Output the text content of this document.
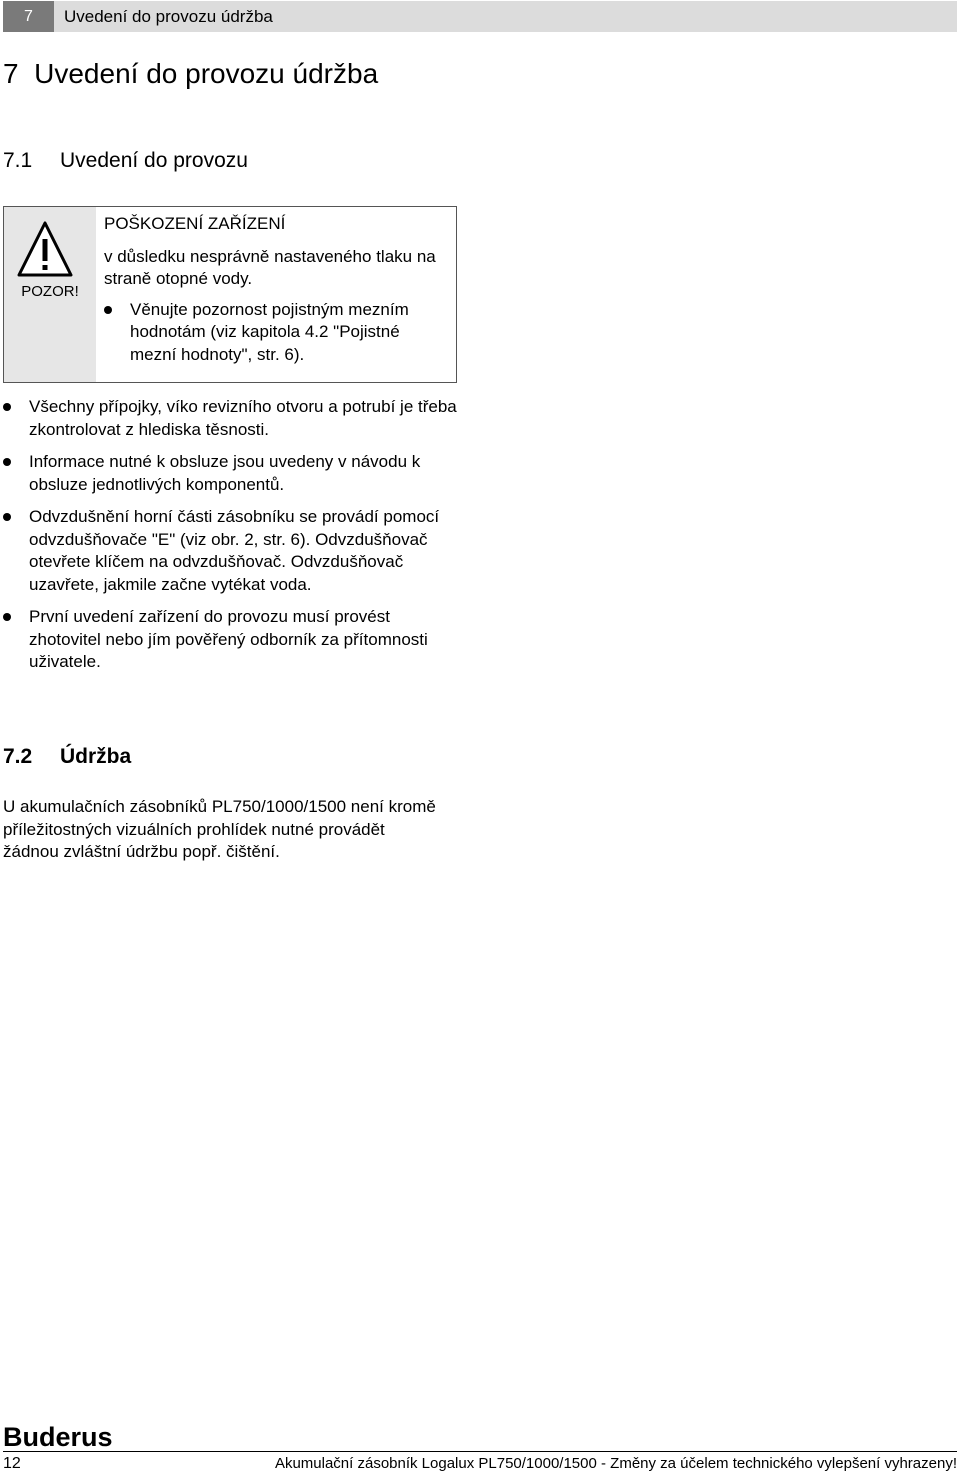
7	Uvedení do provozu údržba
7 Uvedení do provozu údržba
7.1 Uvedení do provozu
POZOR!

POŠKOZENÍ ZAŘÍZENÍ

v důsledku nesprávně nastaveného tlaku na straně otopné vody.

Věnujte pozornost pojistným mezním hodnotám (viz kapitola 4.2 "Pojistné mezní hodnoty", str. 6).
Všechny přípojky, víko revizního otvoru a potrubí je třeba zkontrolovat z hlediska těsnosti.
Informace nutné k obsluze jsou uvedeny v návodu k obsluze jednotlivých komponentů.
Odvzdušnění horní části zásobníku se provádí pomocí odvzdušňovače "E" (viz obr. 2, str. 6). Odvzdušňovač otevřete klíčem na odvzdušňovač. Odvzdušňovač uzavřete, jakmile začne vytékat voda.
První uvedení zařízení do provozu musí provést zhotovitel nebo jím pověřený odborník za přítomnosti uživatele.
7.2 Údržba
U akumulačních zásobníků PL750/1000/1500 není kromě příležitostných vizuálních prohlídek nutné provádět žádnou zvláštní údržbu popř. čištění.
Buderus
12	Akumulační zásobník Logalux PL750/1000/1500 - Změny za účelem technického vylepšení vyhrazeny!
